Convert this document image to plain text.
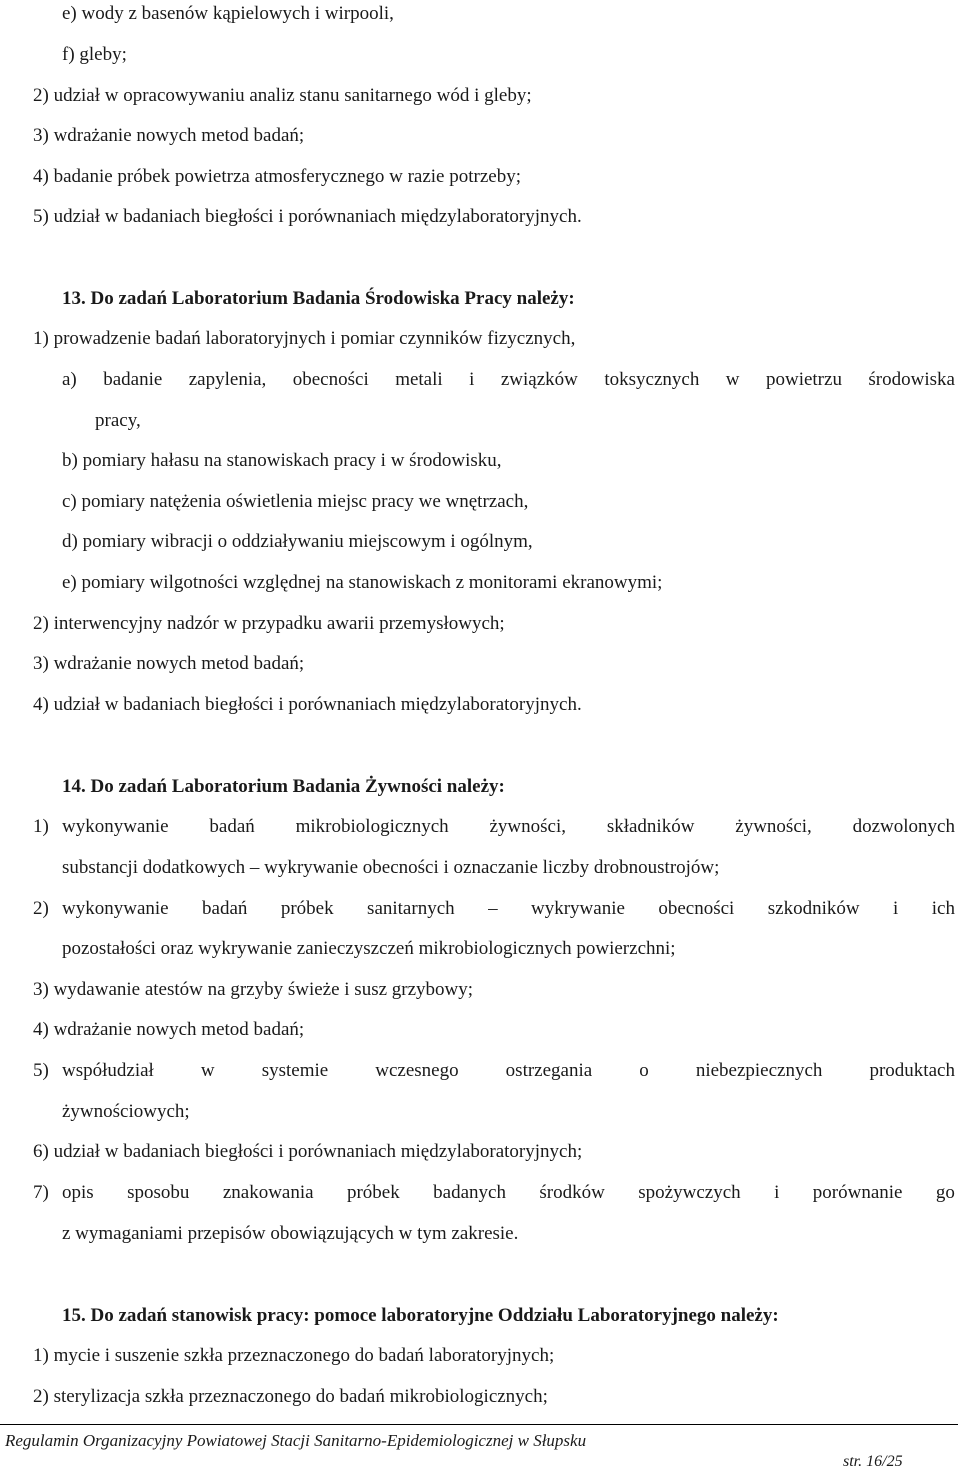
e) wody z basenów kąpielowych i wirpooli,
f) gleby;
2) udział w opracowywaniu analiz stanu sanitarnego wód i gleby;
3) wdrażanie nowych metod badań;
4) badanie próbek powietrza atmosferycznego w razie potrzeby;
5) udział w badaniach biegłości i porównaniach międzylaboratoryjnych.
13. Do zadań Laboratorium Badania Środowiska Pracy należy:
1) prowadzenie badań laboratoryjnych i pomiar czynników fizycznych,
a) badanie zapylenia, obecności metali i związków toksycznych w powietrzu środowiska
pracy,
b) pomiary hałasu na stanowiskach pracy i w środowisku,
c) pomiary natężenia oświetlenia miejsc pracy we wnętrzach,
d) pomiary wibracji o oddziaływaniu miejscowym i ogólnym,
e) pomiary wilgotności względnej na stanowiskach z monitorami ekranowymi;
2) interwencyjny nadzór w przypadku awarii przemysłowych;
3) wdrażanie nowych metod badań;
4) udział w badaniach biegłości i porównaniach międzylaboratoryjnych.
14. Do zadań Laboratorium Badania Żywności należy:
1) wykonywanie badań mikrobiologicznych żywności, składników żywności, dozwolonych
substancji dodatkowych – wykrywanie obecności i oznaczanie liczby drobnoustrojów;
2) wykonywanie badań próbek sanitarnych – wykrywanie obecności szkodników i ich
pozostałości oraz wykrywanie zanieczyszczeń mikrobiologicznych powierzchni;
3) wydawanie atestów na grzyby świeże i susz grzybowy;
4) wdrażanie nowych metod badań;
5) współudział w systemie wczesnego ostrzegania o niebezpiecznych produktach
żywnościowych;
6) udział w badaniach biegłości i porównaniach międzylaboratoryjnych;
7) opis sposobu znakowania próbek badanych środków spożywczych i porównanie go
z wymaganiami przepisów obowiązujących w tym zakresie.
15. Do zadań stanowisk pracy: pomoce laboratoryjne Oddziału Laboratoryjnego należy:
1) mycie i suszenie szkła przeznaczonego do badań laboratoryjnych;
2) sterylizacja szkła przeznaczonego do badań mikrobiologicznych;
Regulamin Organizacyjny Powiatowej Stacji Sanitarno-Epidemiologicznej w Słupsku
str. 16/25
